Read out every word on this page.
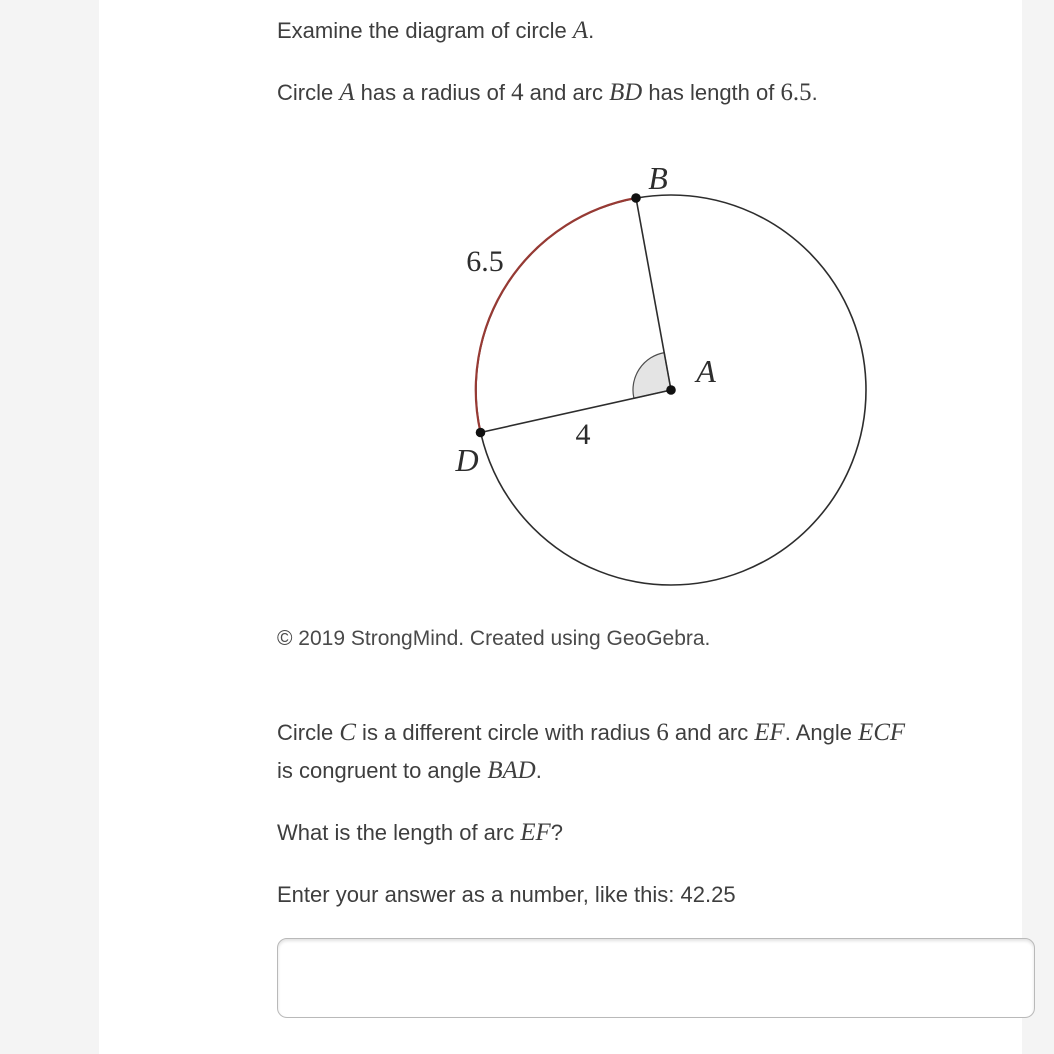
Examine the diagram of circle A.
Circle A has a radius of 4 and arc BD has length of 6.5.
B
D
A
4
6.5
© 2019 StrongMind. Created using GeoGebra.
Circle C is a different circle with radius 6 and arc EF. Angle ECF
is congruent to angle BAD.
What is the length of arc EF?
Enter your answer as a number, like this: 42.25
